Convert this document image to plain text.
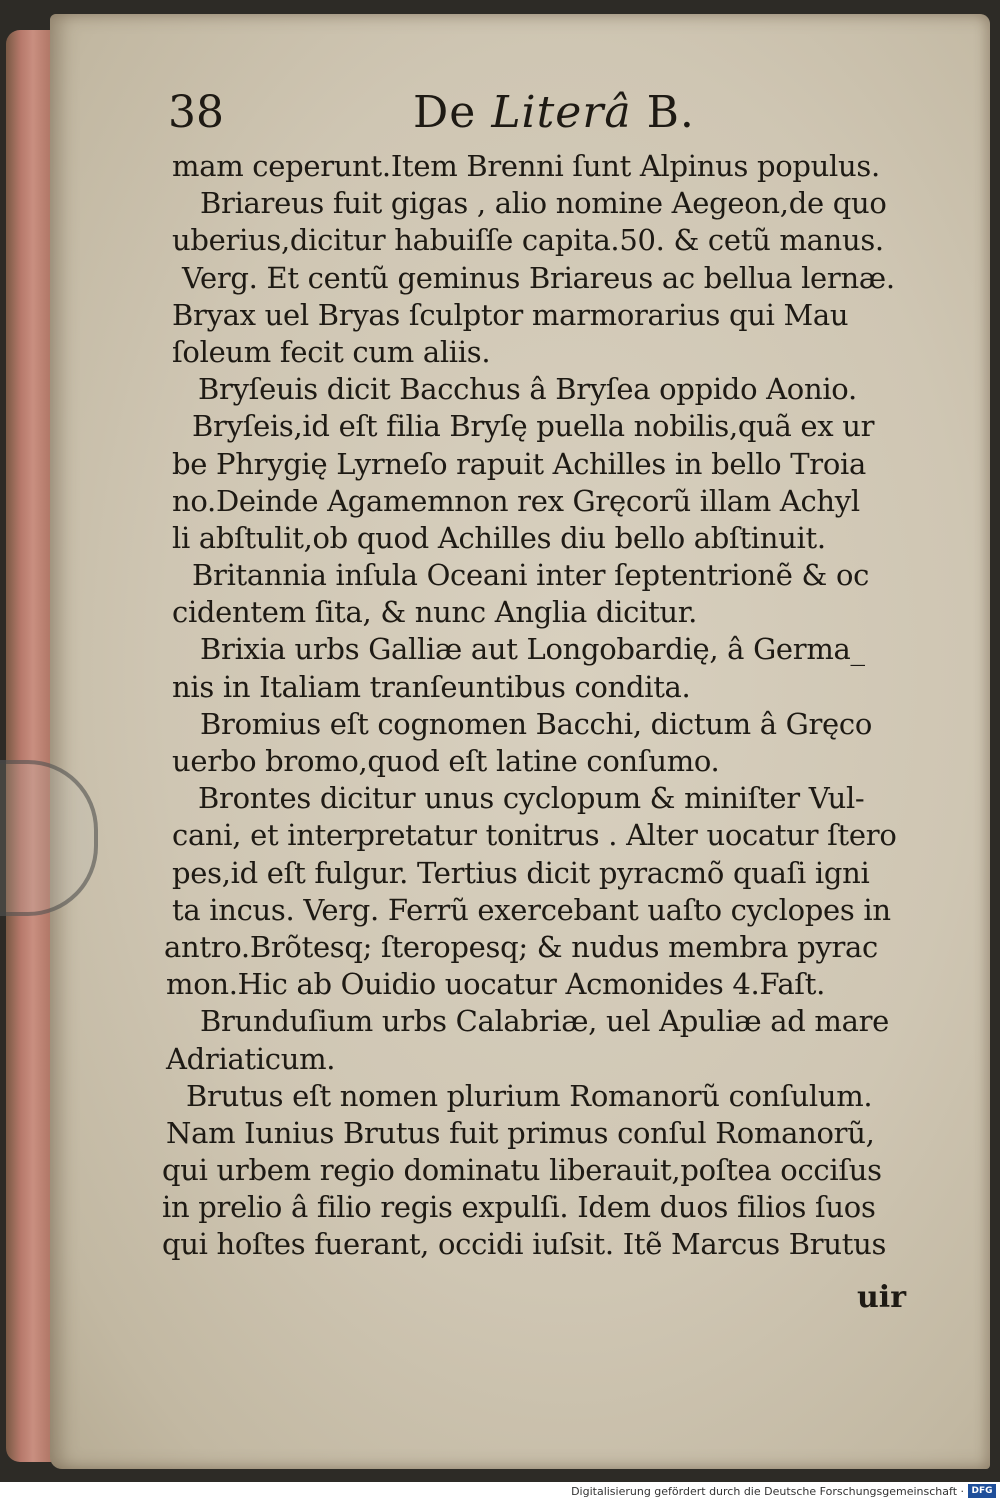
38	De Literâ B.
mam ceperunt.Item Brenni ſunt Alpinus populus.
Briareus fuit gigas , alio nomine Aegeon,de quo
uberius,dicitur habuiſſe capita.50. & cetũ manus.
Verg. Et centũ geminus Briareus ac bellua lernæ.
Bryax uel Bryas ſculptor marmorarius qui Mau
ſoleum fecit cum aliis.
Bryſeuis dicit Bacchus â Bryſea oppido Aonio.
Bryſeis,id eſt filia Bryſę puella nobilis,quã ex ur
be Phrygię Lyrneſo rapuit Achilles in bello Troia
no.Deinde Agamemnon rex Gręcorũ illam Achyl
li abſtulit,ob quod Achilles diu bello abſtinuit.
Britannia inſula Oceani inter ſeptentrionẽ & oc
cidentem ſita, & nunc Anglia dicitur.
Brixia urbs Galliæ aut Longobardię, â Germa_
nis in Italiam tranſeuntibus condita.
Bromius eſt cognomen Bacchi, dictum â Gręco
uerbo bromo,quod eſt latine conſumo.
Brontes dicitur unus cyclopum & miniſter Vul-
cani, et interpretatur tonitrus . Alter uocatur ſtero
pes,id eſt fulgur. Tertius dicit pyracmõ quaſi igni
ta incus. Verg. Ferrũ exercebant uaſto cyclopes in
antro.Brõtesq; ſteropesq; & nudus membra pyrac
mon.Hic ab Ouidio uocatur Acmonides 4.Faſt.
Brunduſium urbs Calabriæ, uel Apuliæ ad mare
Adriaticum.
Brutus eſt nomen plurium Romanorũ conſulum.
Nam Iunius Brutus fuit primus conſul Romanorũ,
qui urbem regio dominatu liberauit,poſtea occiſus
in prelio â filio regis expulſi. Idem duos filios ſuos
qui hoſtes fuerant, occidi iuſsit. Itẽ Marcus Brutus
uir
Digitalisierung gefördert durch die Deutsche Forschungsgemeinschaft · DFG
